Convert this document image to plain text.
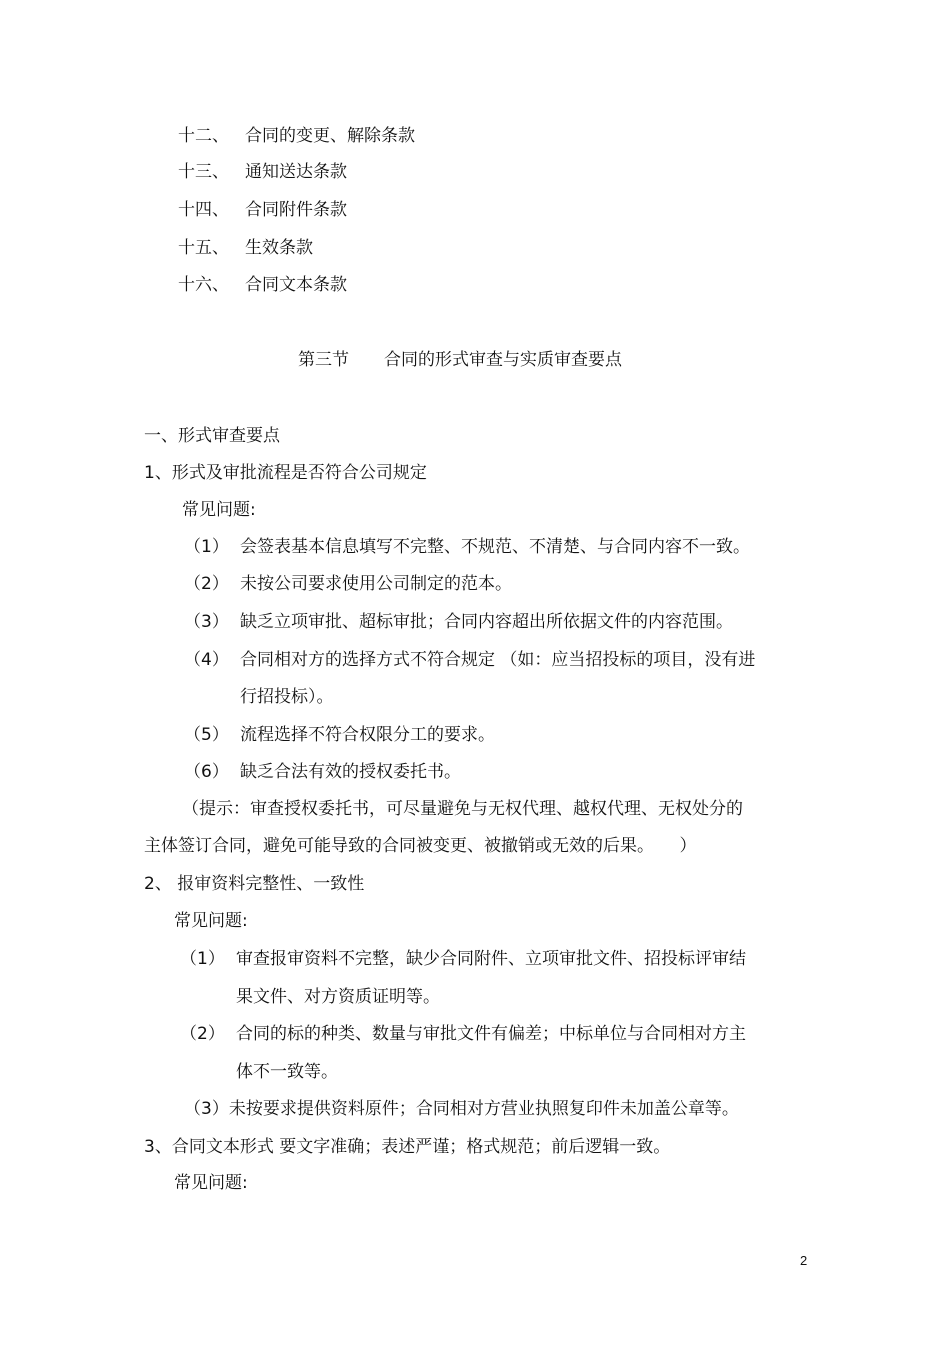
十二、 合同的变更、解除条款
十三、 通知送达条款
十四、 合同附件条款
十五、 生效条款
十六、 合同文本条款
第三节 合同的形式审查与实质审查要点
一、形式审查要点
1、形式及审批流程是否符合公司规定
常见问题:
（1） 会签表基本信息填写不完整、不规范、不清楚、与合同内容不一致。
（2） 未按公司要求使用公司制定的范本。
（3） 缺乏立项审批、超标审批；合同内容超出所依据文件的内容范围。
（4） 合同相对方的选择方式不符合规定 （如：应当招投标的项目，没有进
行招投标）。
（5） 流程选择不符合权限分工的要求。
（6） 缺乏合法有效的授权委托书。
（提示：审查授权委托书，可尽量避免与无权代理、越权代理、无权处分的
主体签订合同，避免可能导致的合同被变更、被撤销或无效的后果。　　）
2、 报审资料完整性、一致性
常见问题:
（1） 审查报审资料不完整，缺少合同附件、立项审批文件、招投标评审结
果文件、对方资质证明等。
（2） 合同的标的种类、数量与审批文件有偏差；中标单位与合同相对方主
体不一致等。
（3）未按要求提供资料原件；合同相对方营业执照复印件未加盖公章等。
3、合同文本形式 要文字准确；表述严谨；格式规范；前后逻辑一致。
常见问题:
2
